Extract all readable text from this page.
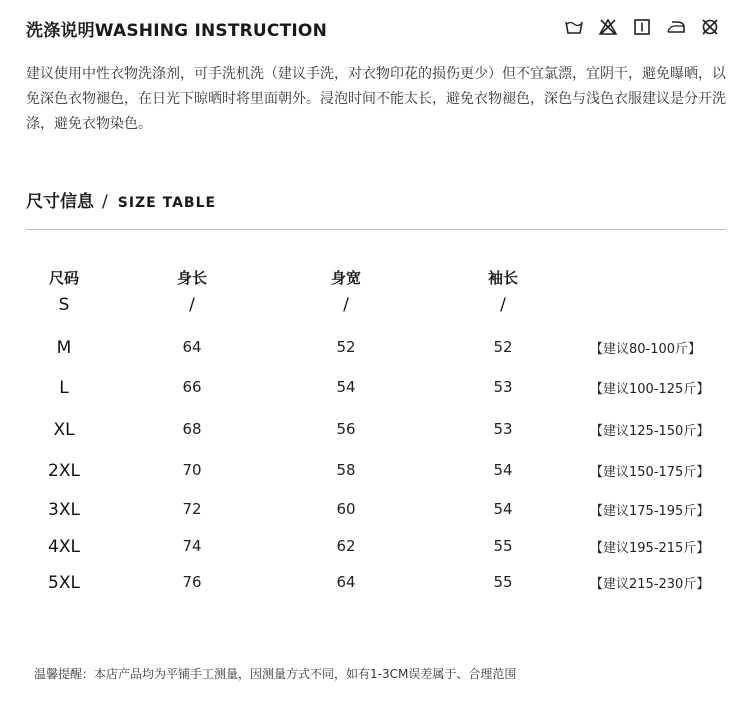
洗涤说明WASHING INSTRUCTION
建议使用中性衣物洗涤剂，可手洗机洗（建议手洗，对衣物印花的损伤更少）但不宜氯漂，宜阴干，避免曝晒，以免深色衣物褪色，在日光下晾晒时将里面朝外。浸泡时间不能太长，避免衣物褪色，深色与浅色衣服建议是分开洗涤，避免衣物染色。
尺寸信息 / SIZE TABLE
尺码	身长	身宽	袖长
S	/	/	/
M	64	52	52	【建议80-100斤】
L	66	54	53	【建议100-125斤】
XL	68	56	53	【建议125-150斤】
2XL	70	58	54	【建议150-175斤】
3XL	72	60	54	【建议175-195斤】
4XL	74	62	55	【建议195-215斤】
5XL	76	64	55	【建议215-230斤】
温馨提醒：本店产品均为平铺手工测量，因测量方式不同，如有1-3CM误差属于、合理范围
